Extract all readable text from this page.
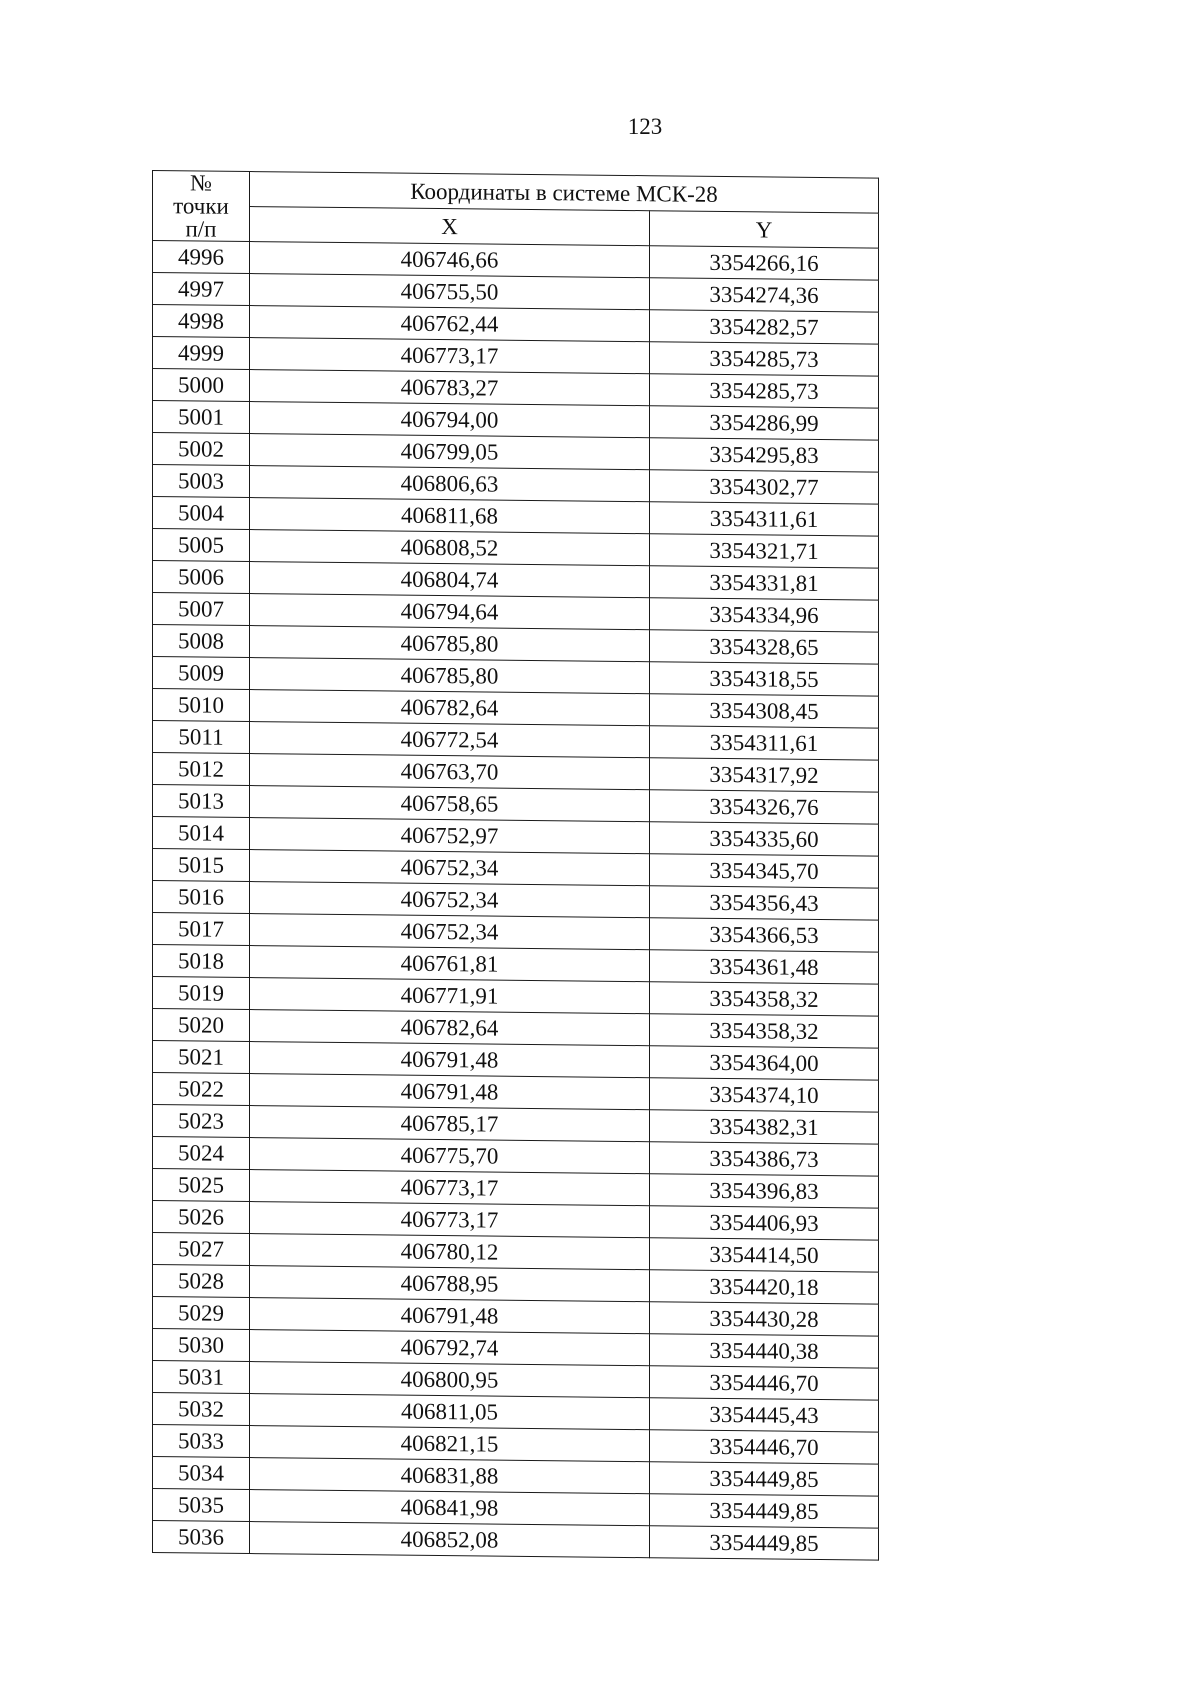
123
№
точки
п/п	Координаты в системе МСК-28	
	X	Y
4996	406746,66	3354266,16
4997	406755,50	3354274,36
4998	406762,44	3354282,57
4999	406773,17	3354285,73
5000	406783,27	3354285,73
5001	406794,00	3354286,99
5002	406799,05	3354295,83
5003	406806,63	3354302,77
5004	406811,68	3354311,61
5005	406808,52	3354321,71
5006	406804,74	3354331,81
5007	406794,64	3354334,96
5008	406785,80	3354328,65
5009	406785,80	3354318,55
5010	406782,64	3354308,45
5011	406772,54	3354311,61
5012	406763,70	3354317,92
5013	406758,65	3354326,76
5014	406752,97	3354335,60
5015	406752,34	3354345,70
5016	406752,34	3354356,43
5017	406752,34	3354366,53
5018	406761,81	3354361,48
5019	406771,91	3354358,32
5020	406782,64	3354358,32
5021	406791,48	3354364,00
5022	406791,48	3354374,10
5023	406785,17	3354382,31
5024	406775,70	3354386,73
5025	406773,17	3354396,83
5026	406773,17	3354406,93
5027	406780,12	3354414,50
5028	406788,95	3354420,18
5029	406791,48	3354430,28
5030	406792,74	3354440,38
5031	406800,95	3354446,70
5032	406811,05	3354445,43
5033	406821,15	3354446,70
5034	406831,88	3354449,85
5035	406841,98	3354449,85
5036	406852,08	3354449,85
